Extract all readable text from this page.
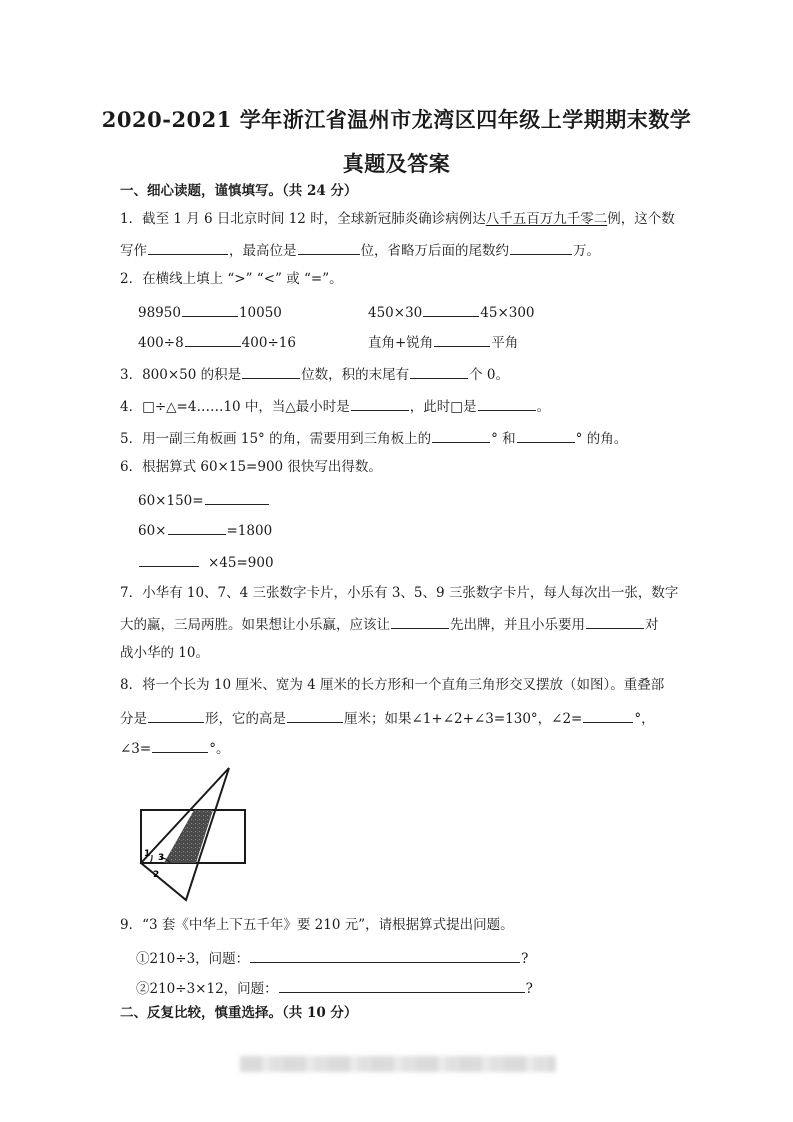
2020-2021 学年浙江省温州市龙湾区四年级上学期期末数学
真题及答案
一、细心读题，谨慎填写。（共 24 分）
1．截至 1 月 6 日北京时间 12 时，全球新冠肺炎确诊病例达八千五百万九千零二例，这个数
写作	，最高位是	位，省略万后面的尾数约	万。
2．在横线上填上 “>” “<” 或 “=”。
98950	10050	450×30	45×300
400÷8	400÷16	直角+锐角	平角
3．800×50 的积是	位数，积的末尾有	个 0。
4．□÷△=4……10 中，当△最小时是	，此时□是	。
5．用一副三角板画 15° 的角，需要用到三角板上的	° 和	° 的角。
6．根据算式 60×15=900 很快写出得数。
60×150=
60×	=1800
×45=900
7．小华有 10、7、4 三张数字卡片，小乐有 3、5、9 三张数字卡片，每人每次出一张，数字
大的赢，三局两胜。如果想让小乐赢，应该让	先出牌，并且小乐要用	对
战小华的 10。
8．将一个长为 10 厘米、宽为 4 厘米的长方形和一个直角三角形交叉摆放（如图）。重叠部
分是	形，它的高是	厘米；如果∠1+∠2+∠3=130°，∠2=	°，
∠3=	°。
1 3
2
9．“3 套《中华上下五千年》要 210 元”，请根据算式提出问题。
①210÷3，问题：	?
②210÷3×12，问题：	?
二、反复比较，慎重选择。（共 10 分）
